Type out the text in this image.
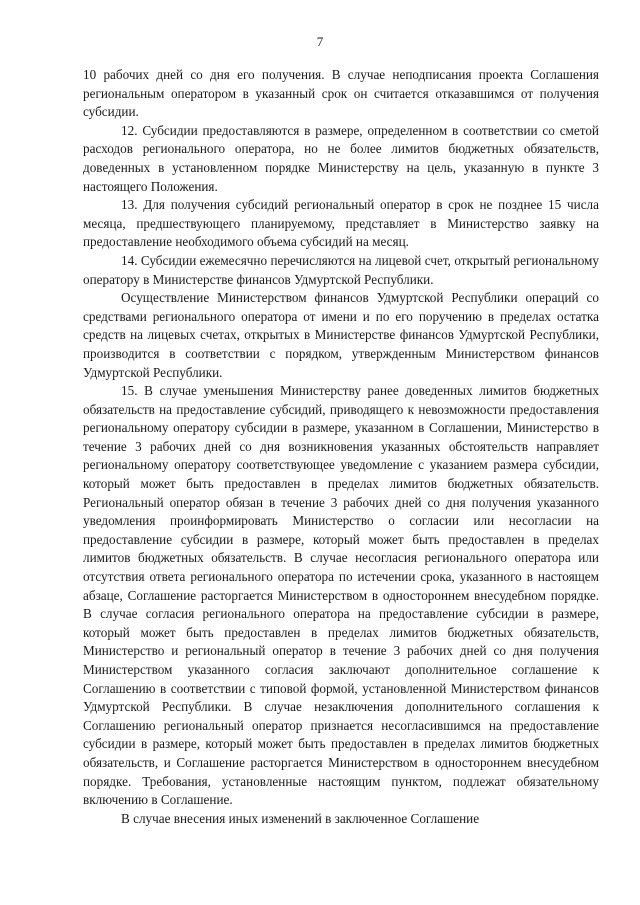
7

10 рабочих дней со дня его получения. В случае неподписания проекта Соглашения региональным оператором в указанный срок он считается отказавшимся от получения субсидии.

12. Субсидии предоставляются в размере, определенном в соответствии со сметой расходов регионального оператора, но не более лимитов бюджетных обязательств, доведенных в установленном порядке Министерству на цель, указанную в пункте 3 настоящего Положения.

13. Для получения субсидий региональный оператор в срок не позднее 15 числа месяца, предшествующего планируемому, представляет в Министерство заявку на предоставление необходимого объема субсидий на месяц.

14. Субсидии ежемесячно перечисляются на лицевой счет, открытый региональному оператору в Министерстве финансов Удмуртской Республики.

Осуществление Министерством финансов Удмуртской Республики операций со средствами регионального оператора от имени и по его поручению в пределах остатка средств на лицевых счетах, открытых в Министерстве финансов Удмуртской Республики, производится в соответствии с порядком, утвержденным Министерством финансов Удмуртской Республики.

15. В случае уменьшения Министерству ранее доведенных лимитов бюджетных обязательств на предоставление субсидий, приводящего к невозможности предоставления региональному оператору субсидии в размере, указанном в Соглашении, Министерство в течение 3 рабочих дней со дня возникновения указанных обстоятельств направляет региональному оператору соответствующее уведомление с указанием размера субсидии, который может быть предоставлен в пределах лимитов бюджетных обязательств. Региональный оператор обязан в течение 3 рабочих дней со дня получения указанного уведомления проинформировать Министерство о согласии или несогласии на предоставление субсидии в размере, который может быть предоставлен в пределах лимитов бюджетных обязательств. В случае несогласия регионального оператора или отсутствия ответа регионального оператора по истечении срока, указанного в настоящем абзаце, Соглашение расторгается Министерством в одностороннем внесудебном порядке. В случае согласия регионального оператора на предоставление субсидии в размере, который может быть предоставлен в пределах лимитов бюджетных обязательств, Министерство и региональный оператор в течение 3 рабочих дней со дня получения Министерством указанного согласия заключают дополнительное соглашение к Соглашению в соответствии с типовой формой, установленной Министерством финансов Удмуртской Республики. В случае незаключения дополнительного соглашения к Соглашению региональный оператор признается несогласившимся на предоставление субсидии в размере, который может быть предоставлен в пределах лимитов бюджетных обязательств, и Соглашение расторгается Министерством в одностороннем внесудебном порядке. Требования, установленные настоящим пунктом, подлежат обязательному включению в Соглашение.

В случае внесения иных изменений в заключенное Соглашение
